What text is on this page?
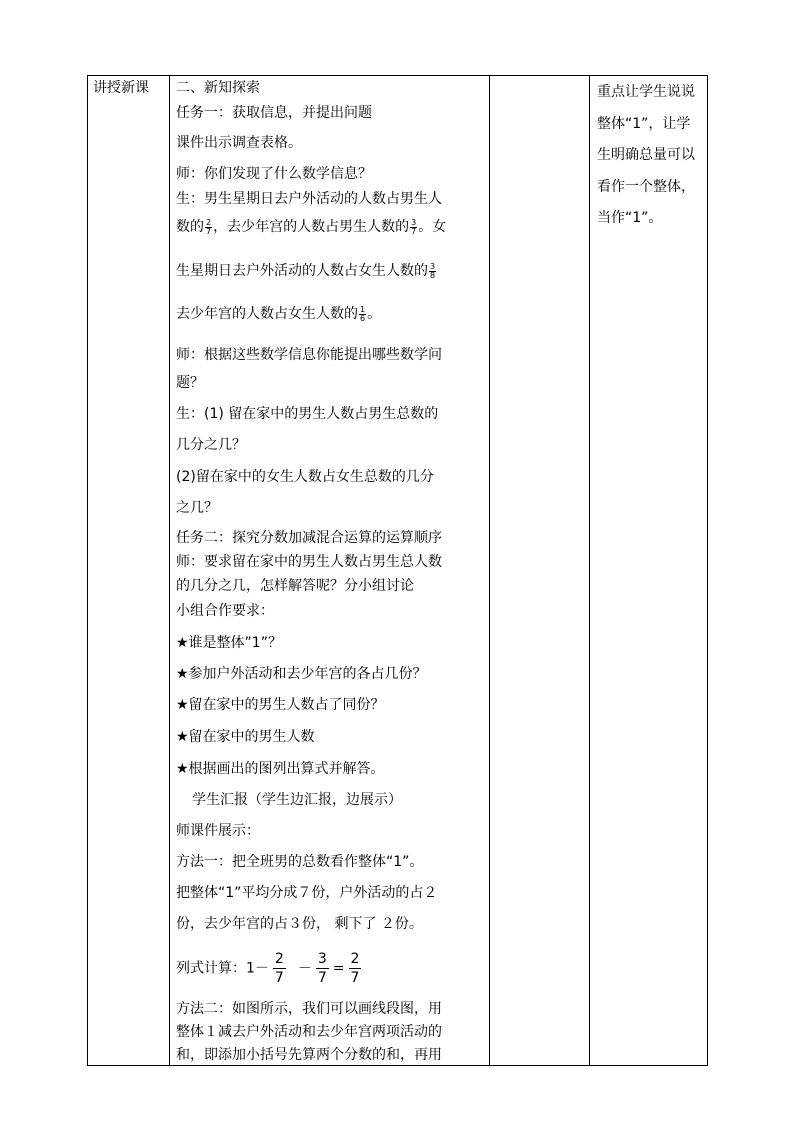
讲授新课 二、新知探索
任务一：获取信息，并提出问题
课件出示调查表格。
师：你们发现了什么数学信息？
生：男生星期日去户外活动的人数占男生人
数的 $\frac{2}{7}$ ，去少年宫的人数占男生人数的 $\frac{3}{7}$ 。女
生星期日去户外活动的人数占女生人数的 $\frac{3}{8}$
去少年宫的人数占女生人数的 $\frac{1}{6}$ 。
师：根据这些数学信息你能提出哪些数学问
题？
生：(1) 留在家中的男生人数占男生总数的
几分之几？
(2)留在家中的女生人数占女生总数的几分
之几？
任务二：探究分数加减混合运算的运算顺序
师：要求留在家中的男生人数占男生总人数
的几分之几，怎样解答呢？分小组讨论
小组合作要求：
★谁是整体”1”？
★参加户外活动和去少年宫的各占几份？
★留在家中的男生人数占了同份？
★留在家中的男生人数
★根据画出的图列出算式并解答。
学生汇报（学生边汇报，边展示）
师课件展示：
方法一：把全班男的总数看作整体“1”。
把整体“1”平均分成７份，户外活动的占２
份，去少年宫的占３份， 剩下了 ２份。
列式计算：$1- \frac{2}{7} - \frac{3}{7} = \frac{2}{7}$
方法二：如图所示，我们可以画线段图，用
整体１减去户外活动和去少年宫两项活动的
和，即添加小括号先算两个分数的和，再用
重点让学生说说
整体“1”，让学
生明确总量可以
看作一个整体，
当作“1”。
